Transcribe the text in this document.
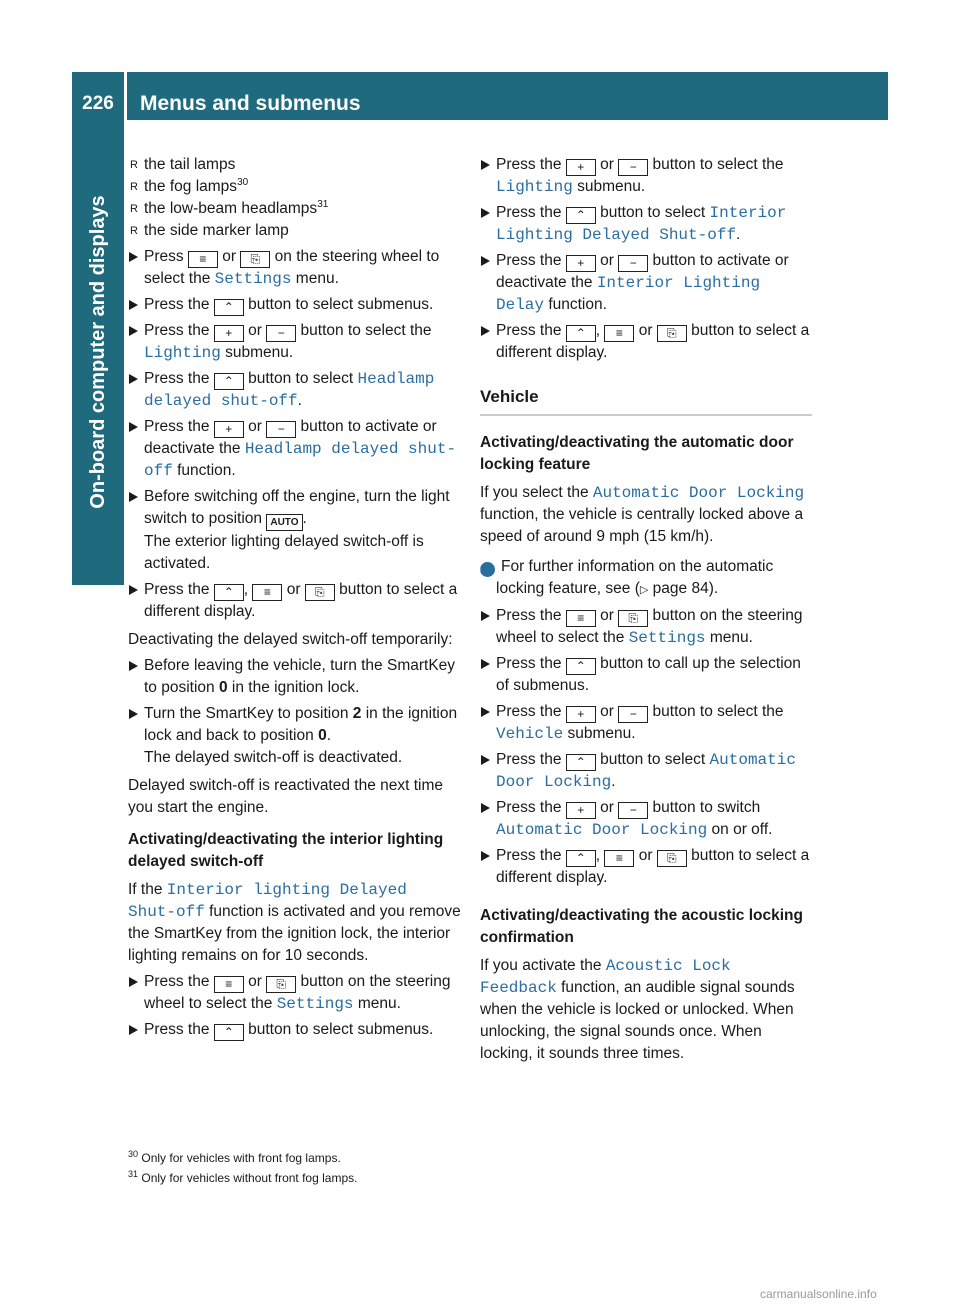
226	Menus and submenus
On-board computer and displays
R the tail lamps
R the fog lamps$^{30}$
R the low-beam headlamps$^{31}$
R the side marker lamp
Press ≡ or ⎘ on the steering wheel to select the Settings menu.
Press the ⌃ button to select submenus.
Press the + or − button to select the Lighting submenu.
Press the ⌃ button to select Headlamp delayed shut-off.
Press the + or − button to activate or deactivate the Headlamp delayed shut-off function.
Before switching off the engine, turn the light switch to position AUTO .
The exterior lighting delayed switch-off is activated.
Press the ⌃ , ≡ or ⎘ button to select a different display.
Deactivating the delayed switch-off temporarily:
Before leaving the vehicle, turn the SmartKey to position 0 in the ignition lock.
Turn the SmartKey to position 2 in the ignition lock and back to position 0.
The delayed switch-off is deactivated.
Delayed switch-off is reactivated the next time you start the engine.
Activating/deactivating the interior lighting delayed switch-off
If the Interior lighting Delayed Shut-off function is activated and you remove the SmartKey from the ignition lock, the interior lighting remains on for 10 seconds.
Press the ≡ or ⎘ button on the steering wheel to select the Settings menu.
Press the ⌃ button to select submenus.
Press the + or − button to select the Lighting submenu.
Press the ⌃ button to select Interior Lighting Delayed Shut-off.
Press the + or − button to activate or deactivate the Interior Lighting Delay function.
Press the ⌃ , ≡ or ⎘ button to select a different display.
Vehicle
Activating/deactivating the automatic door locking feature
If you select the Automatic Door Locking function, the vehicle is centrally locked above a speed of around 9 mph (15 km/h).
i For further information on the automatic locking feature, see (▷ page 84).
Press the ≡ or ⎘ button on the steering wheel to select the Settings menu.
Press the ⌃ button to call up the selection of submenus.
Press the + or − button to select the Vehicle submenu.
Press the ⌃ button to select Automatic Door Locking.
Press the + or − button to switch Automatic Door Locking on or off.
Press the ⌃ , ≡ or ⎘ button to select a different display.
Activating/deactivating the acoustic locking confirmation
If you activate the Acoustic Lock Feedback function, an audible signal sounds when the vehicle is locked or unlocked. When unlocking, the signal sounds once. When locking, it sounds three times.
$^{30}$ Only for vehicles with front fog lamps.
$^{31}$ Only for vehicles without front fog lamps.
carmanualsonline.info
